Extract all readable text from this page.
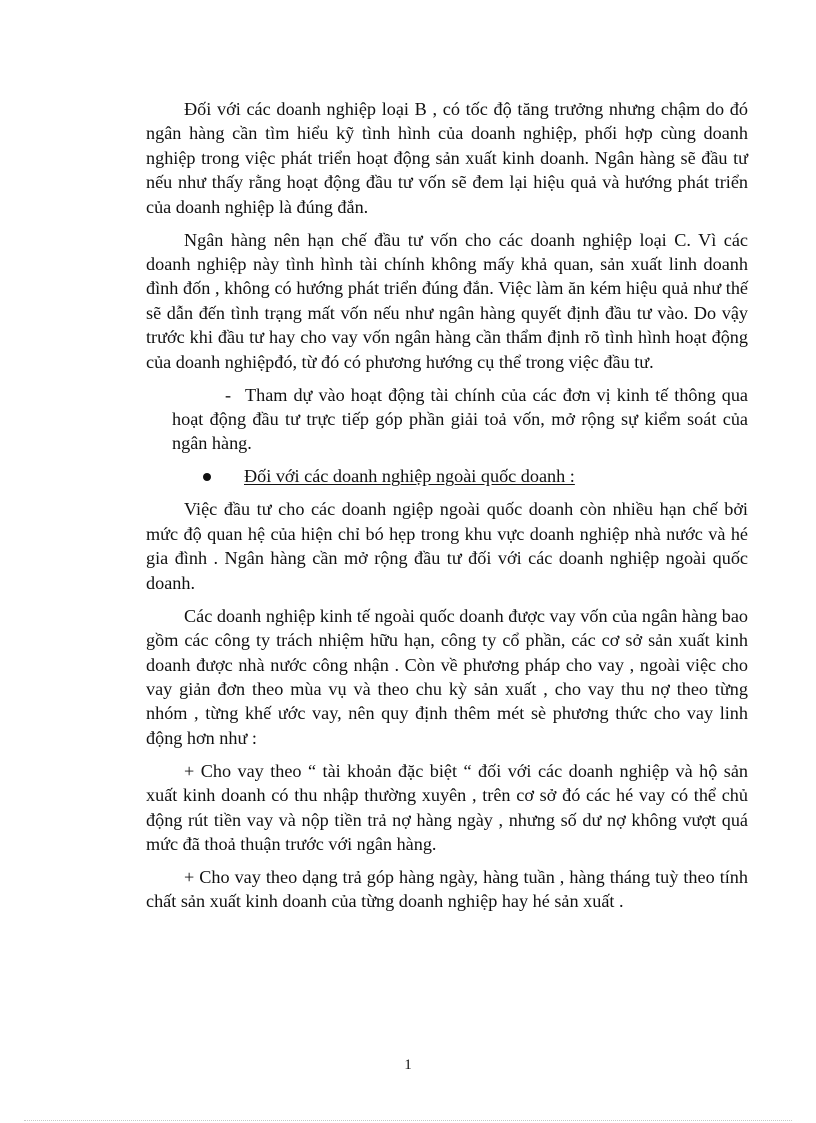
Đối với các doanh nghiệp loại B , có tốc độ tăng trưởng nhưng chậm do đó ngân hàng cần tìm hiểu kỹ tình hình của doanh nghiệp, phối hợp cùng doanh nghiệp trong việc phát triển hoạt động sản xuất kinh doanh. Ngân hàng sẽ đầu tư nếu như thấy rằng hoạt động đầu tư vốn sẽ đem lại hiệu quả và hướng phát triển của doanh nghiệp là đúng đắn.

Ngân hàng nên hạn chế đầu tư vốn cho các doanh nghiệp loại C. Vì các doanh nghiệp này tình hình tài chính không mấy khả quan, sản xuất linh doanh đình đốn , không có hướng phát triển đúng đắn. Việc làm ăn kém hiệu quả như thế sẽ dẫn đến tình trạng mất vốn nếu như ngân hàng quyết định đầu tư vào. Do vậy trước khi đầu tư hay cho vay vốn ngân hàng cần thẩm định rõ tình hình hoạt động của doanh nghiệpđó, từ đó có phương hướng cụ thể trong việc đầu tư.

- Tham dự vào hoạt động tài chính của các đơn vị kinh tế thông qua hoạt động đầu tư trực tiếp góp phần giải toả vốn, mở rộng sự kiểm soát của ngân hàng.
Đối với các doanh nghiệp ngoài quốc doanh :

Việc đầu tư cho các doanh ngiệp ngoài quốc doanh còn nhiều hạn chế bởi mức độ quan hệ của hiện chỉ bó hẹp trong khu vực doanh nghiệp nhà nước và hé gia đình . Ngân hàng cần mở rộng đầu tư đối với các doanh nghiệp ngoài quốc doanh.

Các doanh nghiệp kinh tế ngoài quốc doanh được vay vốn của ngân hàng bao gồm các công ty trách nhiệm hữu hạn, công ty cổ phần, các cơ sở sản xuất kinh doanh được nhà nước công nhận . Còn về phương pháp cho vay , ngoài việc cho vay giản đơn theo mùa vụ và theo chu kỳ sản xuất , cho vay thu nợ theo từng nhóm , từng khế ước vay, nên quy định thêm mét sè phương thức cho vay linh động hơn như :

+ Cho vay theo “ tài khoản đặc biệt “ đối với các doanh nghiệp và hộ sản xuất kinh doanh có thu nhập thường xuyên , trên cơ sở đó các hé vay có thể chủ động rút tiền vay và nộp tiền trả nợ hàng ngày , nhưng số dư nợ không vượt quá mức đã thoả thuận trước với ngân hàng.

+ Cho vay theo dạng trả góp hàng ngày, hàng tuần , hàng tháng tuỳ theo tính chất sản xuất kinh doanh của từng doanh nghiệp hay hé sản xuất .

1
